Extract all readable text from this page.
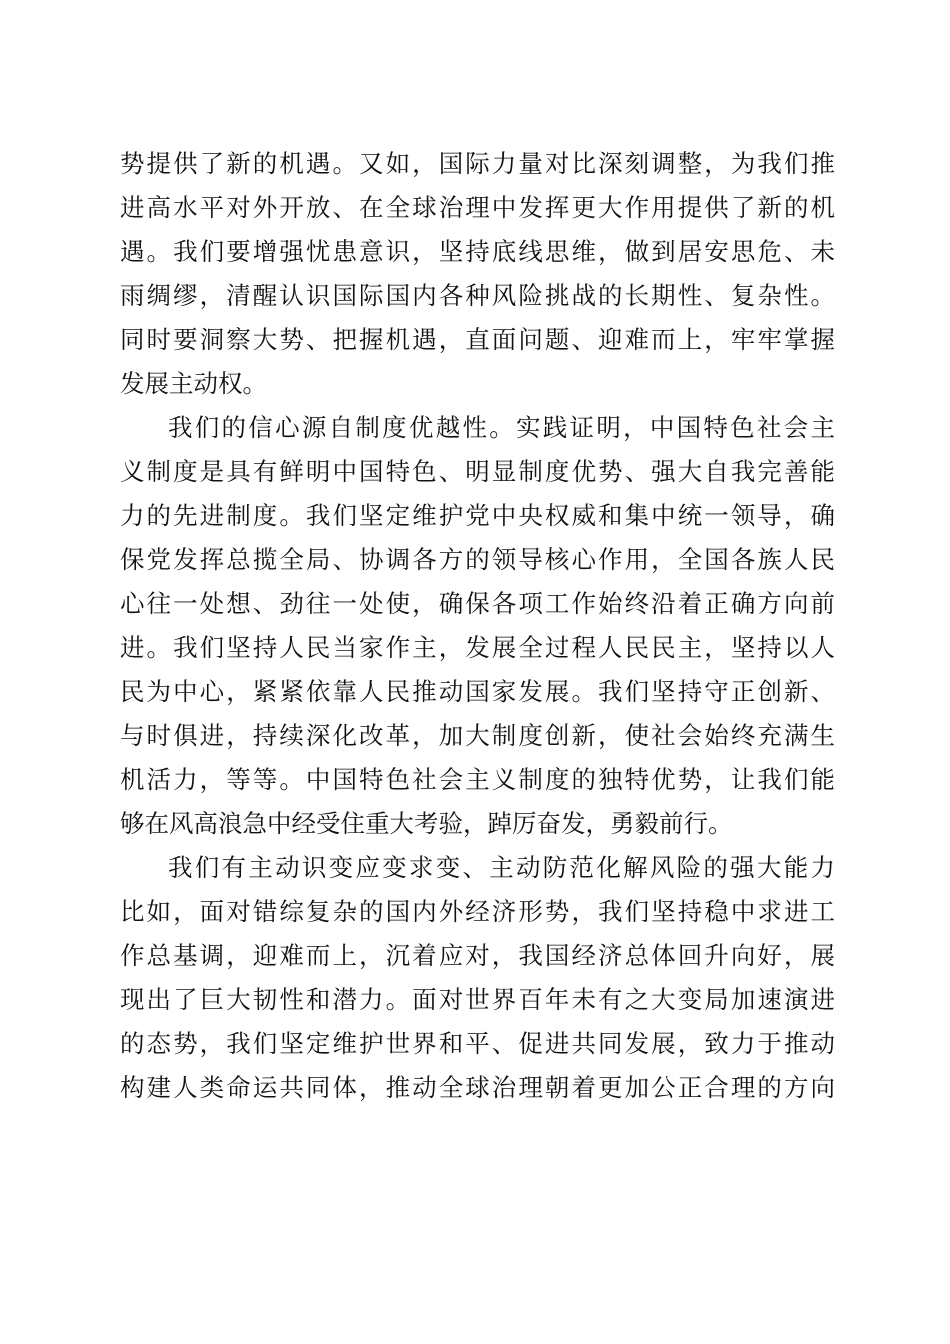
势提供了新的机遇。又如，国际力量对比深刻调整，为我们推
进高水平对外开放、在全球治理中发挥更大作用提供了新的机
遇。我们要增强忧患意识，坚持底线思维，做到居安思危、未
雨绸缪，清醒认识国际国内各种风险挑战的长期性、复杂性。
同时要洞察大势、把握机遇，直面问题、迎难而上，牢牢掌握
发展主动权。
我们的信心源自制度优越性。实践证明，中国特色社会主
义制度是具有鲜明中国特色、明显制度优势、强大自我完善能
力的先进制度。我们坚定维护党中央权威和集中统一领导，确
保党发挥总揽全局、协调各方的领导核心作用，全国各族人民
心往一处想、劲往一处使，确保各项工作始终沿着正确方向前
进。我们坚持人民当家作主，发展全过程人民民主，坚持以人
民为中心，紧紧依靠人民推动国家发展。我们坚持守正创新、
与时俱进，持续深化改革，加大制度创新，使社会始终充满生
机活力，等等。中国特色社会主义制度的独特优势，让我们能
够在风高浪急中经受住重大考验，踔厉奋发，勇毅前行。
我们有主动识变应变求变、主动防范化解风险的强大能力
比如，面对错综复杂的国内外经济形势，我们坚持稳中求进工
作总基调，迎难而上，沉着应对，我国经济总体回升向好，展
现出了巨大韧性和潜力。面对世界百年未有之大变局加速演进
的态势，我们坚定维护世界和平、促进共同发展，致力于推动
构建人类命运共同体，推动全球治理朝着更加公正合理的方向
